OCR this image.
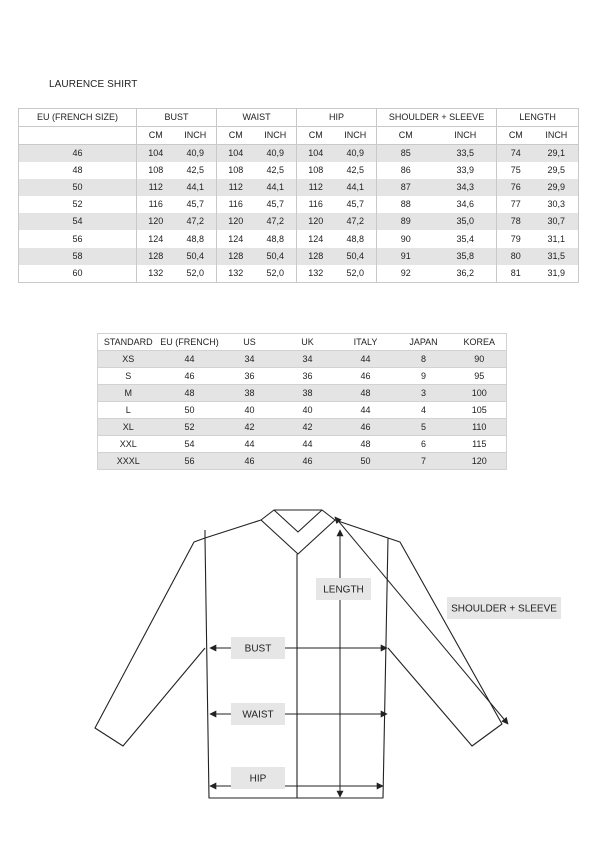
LAURENCE SHIRT
EU (FRENCH SIZE)	BUST		WAIST		HIP		SHOULDER + SLEEVE		LENGTH	
	CM	INCH	CM	INCH	CM	INCH	CM	INCH	CM	INCH
46	104	40,9	104	40,9	104	40,9	85	33,5	74	29,1
48	108	42,5	108	42,5	108	42,5	86	33,9	75	29,5
50	112	44,1	112	44,1	112	44,1	87	34,3	76	29,9
52	116	45,7	116	45,7	116	45,7	88	34,6	77	30,3
54	120	47,2	120	47,2	120	47,2	89	35,0	78	30,7
56	124	48,8	124	48,8	124	48,8	90	35,4	79	31,1
58	128	50,4	128	50,4	128	50,4	91	35,8	80	31,5
60	132	52,0	132	52,0	132	52,0	92	36,2	81	31,9
STANDARD	EU (FRENCH)	US	UK	ITALY	JAPAN	KOREA
XS	44	34	34	44	8	90
S	46	36	36	46	9	95
M	48	38	38	48	3	100
L	50	40	40	44	4	105
XL	52	42	42	46	5	110
XXL	54	44	44	48	6	115
XXXL	56	46	46	50	7	120
LENGTH
SHOULDER + SLEEVE
BUST
WAIST
HIP
